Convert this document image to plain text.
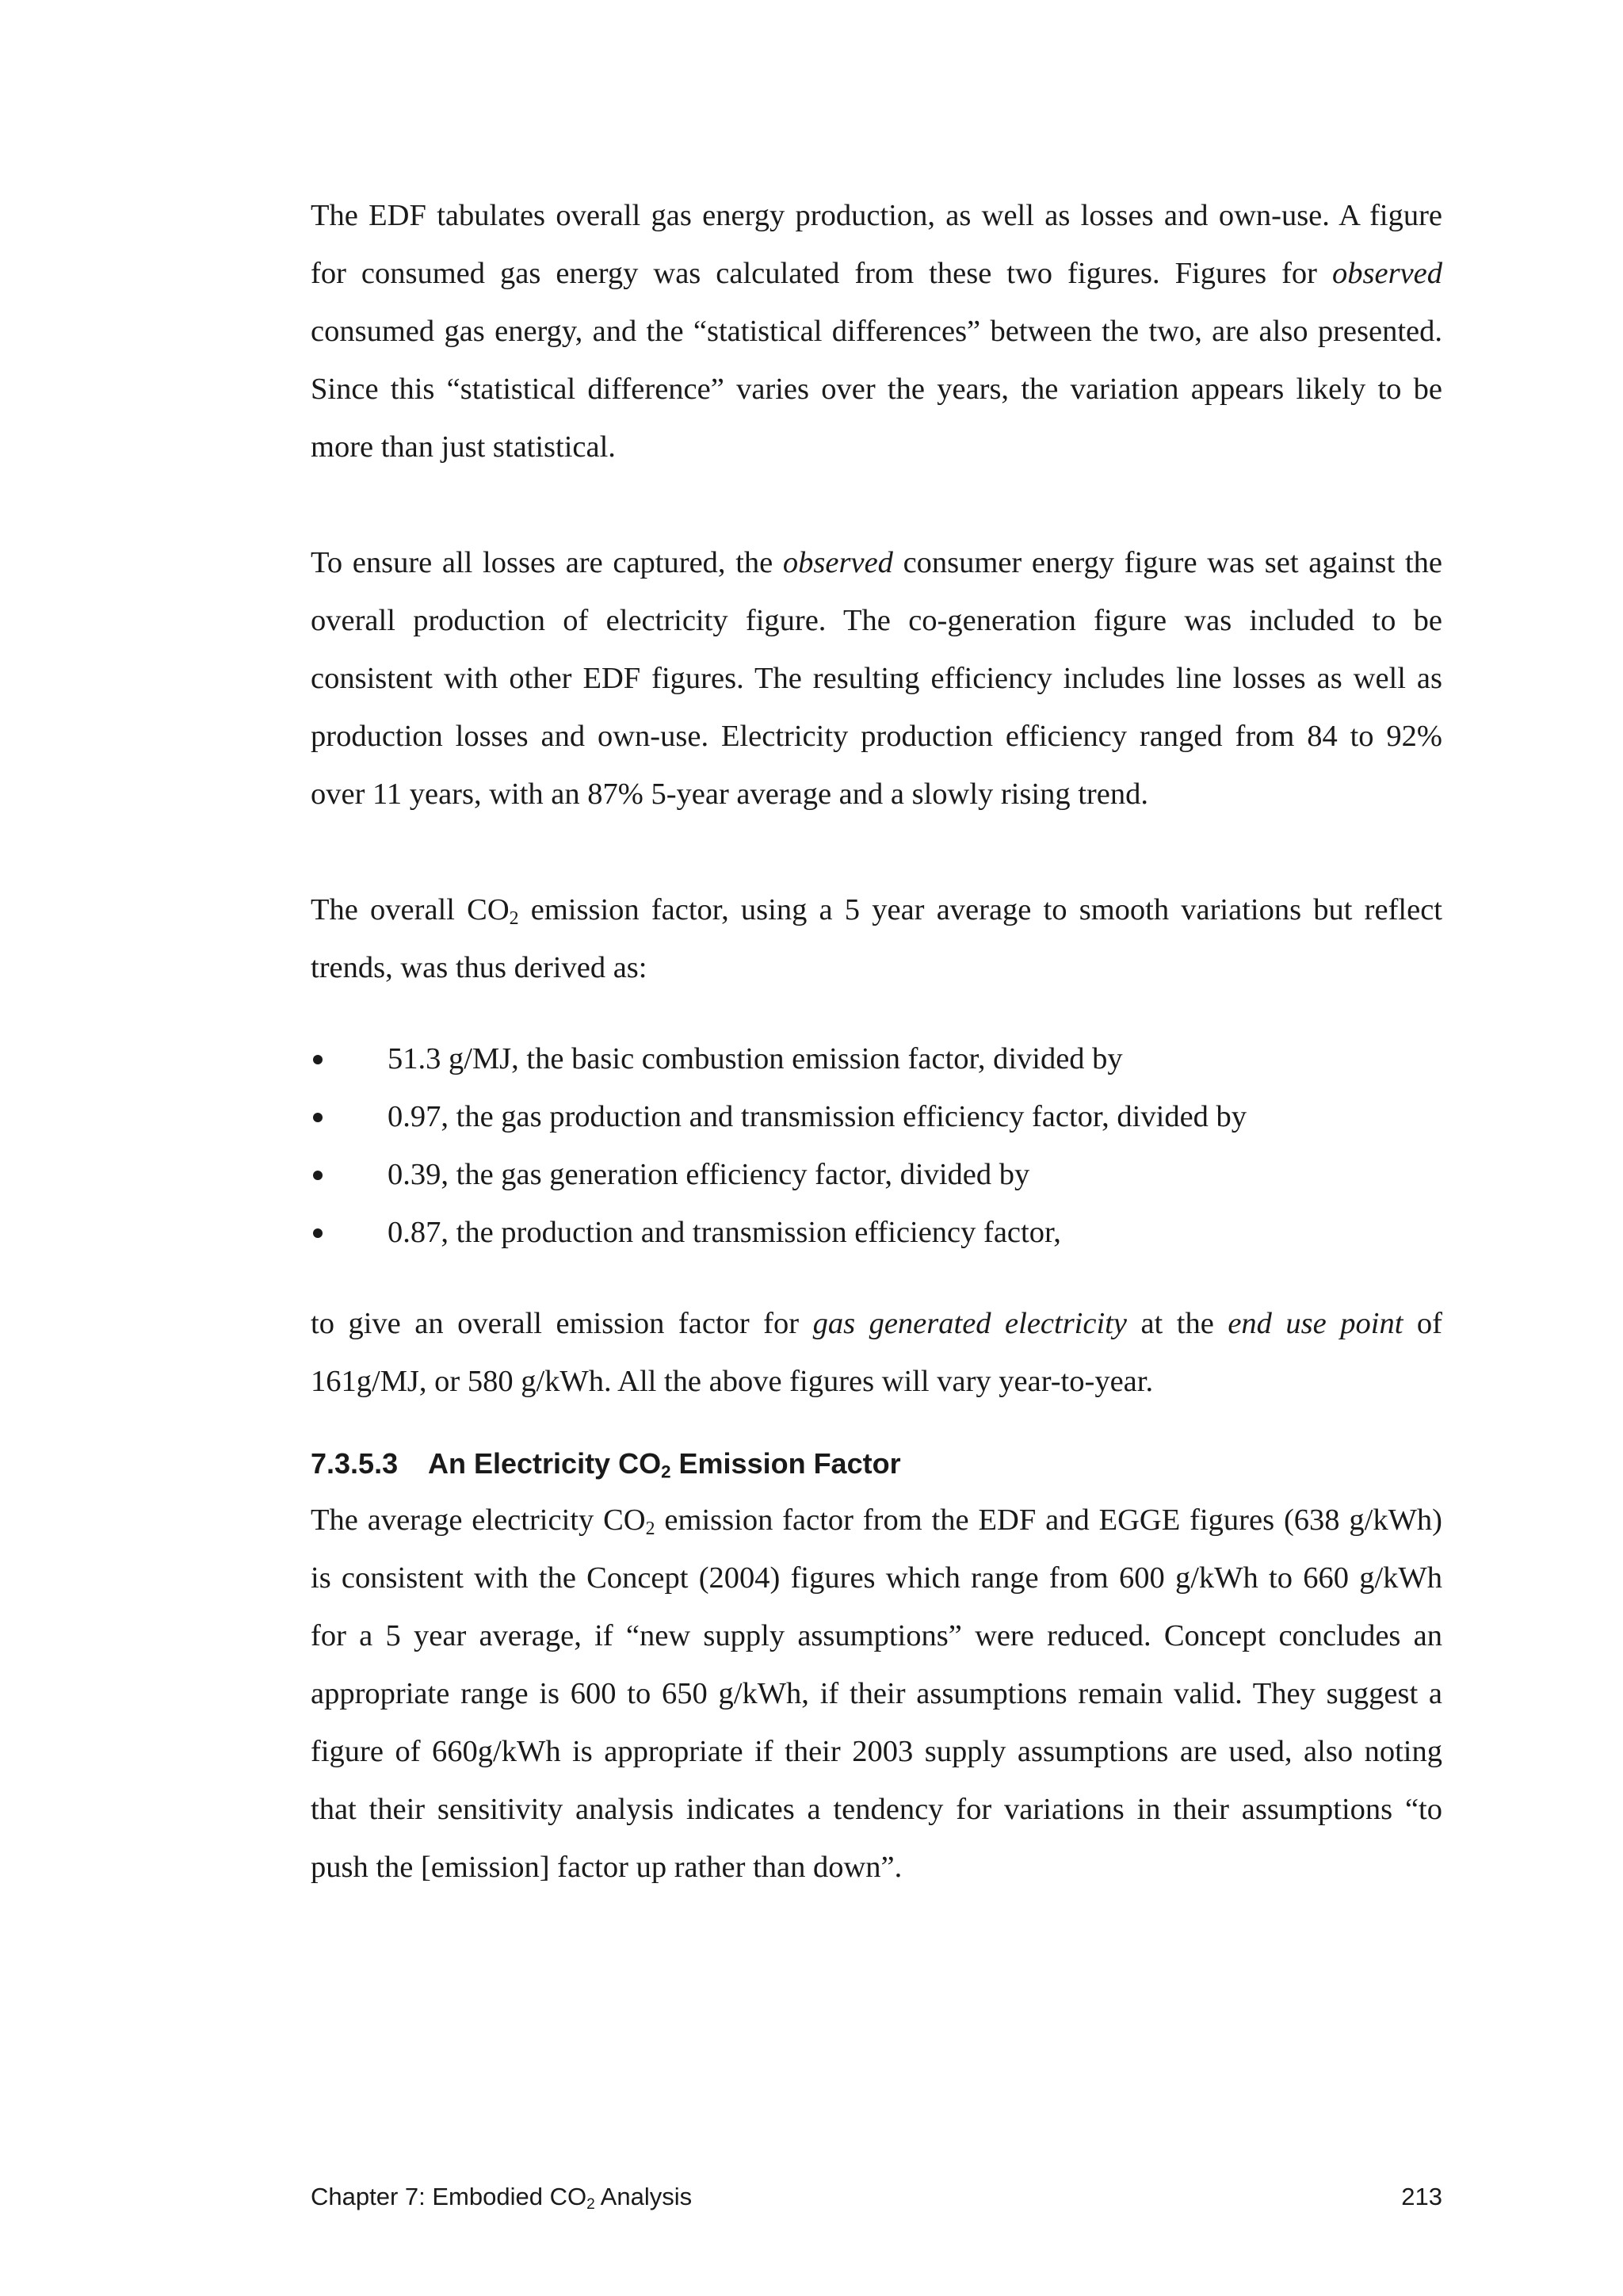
The EDF tabulates overall gas energy production, as well as losses and own-use. A figure for consumed gas energy was calculated from these two figures. Figures for observed consumed gas energy, and the “statistical differences” between the two, are also presented. Since this “statistical difference” varies over the years, the variation appears likely to be more than just statistical.

To ensure all losses are captured, the observed consumer energy figure was set against the overall production of electricity figure. The co-generation figure was included to be consistent with other EDF figures. The resulting efficiency includes line losses as well as production losses and own-use. Electricity production efficiency ranged from 84 to 92% over 11 years, with an 87% 5-year average and a slowly rising trend.

The overall $CO_2$ emission factor, using a 5 year average to smooth variations but reflect trends, was thus derived as:

51.3 g/MJ, the basic combustion emission factor, divided by
0.97, the gas production and transmission efficiency factor, divided by
0.39, the gas generation efficiency factor, divided by
0.87, the production and transmission efficiency factor,

to give an overall emission factor for gas generated electricity at the end use point of 161g/MJ, or 580 g/kWh. All the above figures will vary year-to-year.

7.3.5.3 An Electricity $CO_2$ Emission Factor

The average electricity $CO_2$ emission factor from the EDF and EGGE figures (638 g/kWh) is consistent with the Concept (2004) figures which range from 600 g/kWh to 660 g/kWh for a 5 year average, if “new supply assumptions” were reduced. Concept concludes an appropriate range is 600 to 650 g/kWh, if their assumptions remain valid. They suggest a figure of 660g/kWh is appropriate if their 2003 supply assumptions are used, also noting that their sensitivity analysis indicates a tendency for variations in their assumptions “to push the [emission] factor up rather than down”.

Chapter 7: Embodied $CO_2$ Analysis	213
